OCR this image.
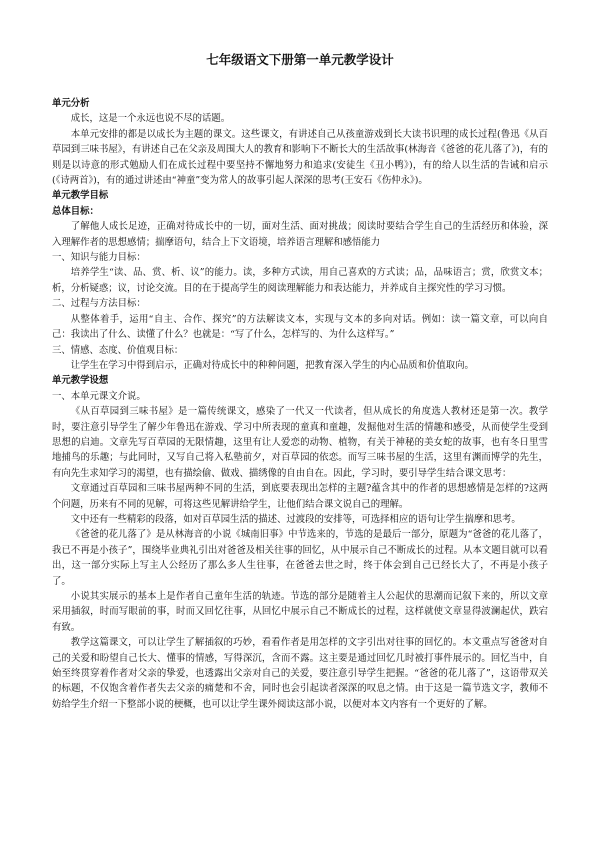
七年级语文下册第一单元教学设计
单元分析

成长，这是一个永远也说不尽的话题。

本单元安排的都是以成长为主题的课文。这些课文，有讲述自己从孩童游戏到长大读书识理的成长过程(鲁迅《从百草园到三味书屋》，有讲述自己在父亲及周围大人的教育和影响下不断长大的生活故事(林海音《爸爸的花儿落了》)，有的则是以诗意的形式勉励人们在成长过程中要坚持不懈地努力和追求(安徒生《丑小鸭》)，有的给人以生活的告诫和启示(《诗两首》)，有的通过讲述由“神童”变为常人的故事引起人深深的思考(王安石《伤仲永》)。

单元教学目标
总体目标：

了解他人成长足迹，正确对待成长中的一切，面对生活、面对挑战；阅读时要结合学生自己的生活经历和体验，深入理解作者的思想感情；揣摩语句，结合上下文语境，培养语言理解和感悟能力

一、知识与能力目标：

培养学生“读、品、赏、析、议”的能力。读，多种方式读，用自己喜欢的方式读；品，品味语言；赏，欣赏文本；析，分析疑惑；议，讨论交流。目的在于提高学生的阅读理解能力和表达能力，并养成自主探究性的学习习惯。

二、过程与方法目标：

从整体着手，运用“自主、合作、探究”的方法解读文本，实现与文本的多向对话。例如：读一篇文章，可以向自己：我读出了什么、读懂了什么？也就是：“写了什么，怎样写的、为什么这样写。”

三、情感、态度、价值观目标：

让学生在学习中得到启示，正确对待成长中的种种问题，把教育深入学生的内心品质和价值取向。

单元教学设想
一、本单元课文介说。

《从百草园到三味书屋》是一篇传统课文，感染了一代又一代读者，但从成长的角度选人教材还是第一次。教学时，要注意引导学生了解少年鲁迅在游戏、学习中所表现的童真和童趣，发掘他对生活的情趣和感受，从而使学生受到思想的启迪。文章先写百草园的无限情趣，这里有让人爱恋的动物、植物，有关于神秘的美女蛇的故事，也有冬日里雪地捕鸟的乐趣；与此同时，又写自己将入私塾前夕，对百草园的依恋。而写三味书屋的生活，这里有渊而博学的先生，有向先生求知学习的渴望，也有描绘偷、做戏、描绣像的自由自在。因此，学习时，要引导学生结合课文思考：

文章通过百草园和三味书屋两种不同的生活，到底要表现出怎样的主题?蕴含其中的作者的思想感情是怎样的?这两个问题，历来有不同的见解，可将这些见解讲给学生，让他们结合课文说自己的理解。

文中还有一些精彩的段落，如对百草园生活的描述、过渡段的安排等，可选择相应的语句让学生揣摩和思考。

《爸爸的花儿落了》是从林海音的小说《城南旧事》中节选来的，节选的是最后一部分，原题为“爸爸的花儿落了，我已不再是小孩子”，围绕毕业典礼引出对爸爸及相关往事的回忆，从中展示自己不断成长的过程。从本文题目就可以看出，这一部分实际上写主人公经历了那么多人生往事，在爸爸去世之时，终于体会到自己已经长大了，不再是小孩子了。

小说其实展示的基本上是作者自己童年生活的轨迹。节选的部分是随着主人公起伏的思潮而记叙下来的，所以文章采用插叙，时而写眼前的事，时而又回忆往事，从回忆中展示自己不断成长的过程，这样就使文章显得波澜起伏，跌宕有致。

教学这篇课文，可以让学生了解插叙的巧妙，看看作者是用怎样的文字引出对往事的回忆的。本文重点写爸爸对自己的关爱和盼望自己长大、懂事的情感，写得深沉，含而不露。这主要是通过回忆几时被打事件展示的。回忆当中，自始至终贯穿着作者对父亲的挚爱，也透露出父亲对自己的关爱，要注意引导学生把握。“爸爸的花儿落了”，这语带双关的标题，不仅饱含着作者失去父亲的痛楚和不舍，同时也会引起读者深深的叹息之情。由于这是一篇节选文字，教师不妨给学生介绍一下整部小说的梗概，也可以让学生课外阅读这部小说，以便对本文内容有一个更好的了解。
